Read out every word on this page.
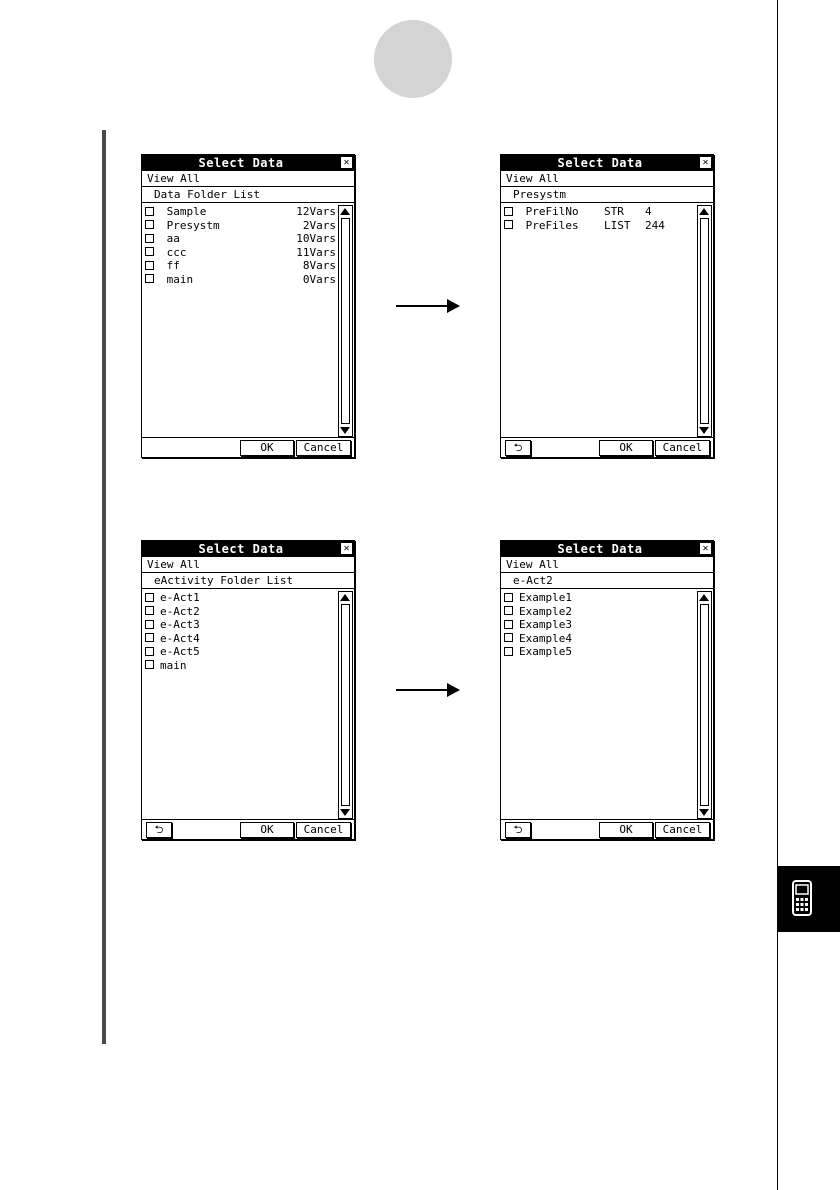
Select Data	✕
View All
Data Folder List
Sample	12Vars
Presystm	2Vars
aa	10Vars
ccc	11Vars
ff	8Vars
main	0Vars
OK	Cancel
Select Data	✕
View All
Presystm
PreFilNo STR 4
PreFiles LIST 244
⮌	OK	Cancel
Select Data	✕
View All
eActivity Folder List
e-Act1
e-Act2
e-Act3
e-Act4
e-Act5
main
⮌	OK	Cancel
Select Data	✕
View All
e-Act2
Example1
Example2
Example3
Example4
Example5
⮌	OK	Cancel
